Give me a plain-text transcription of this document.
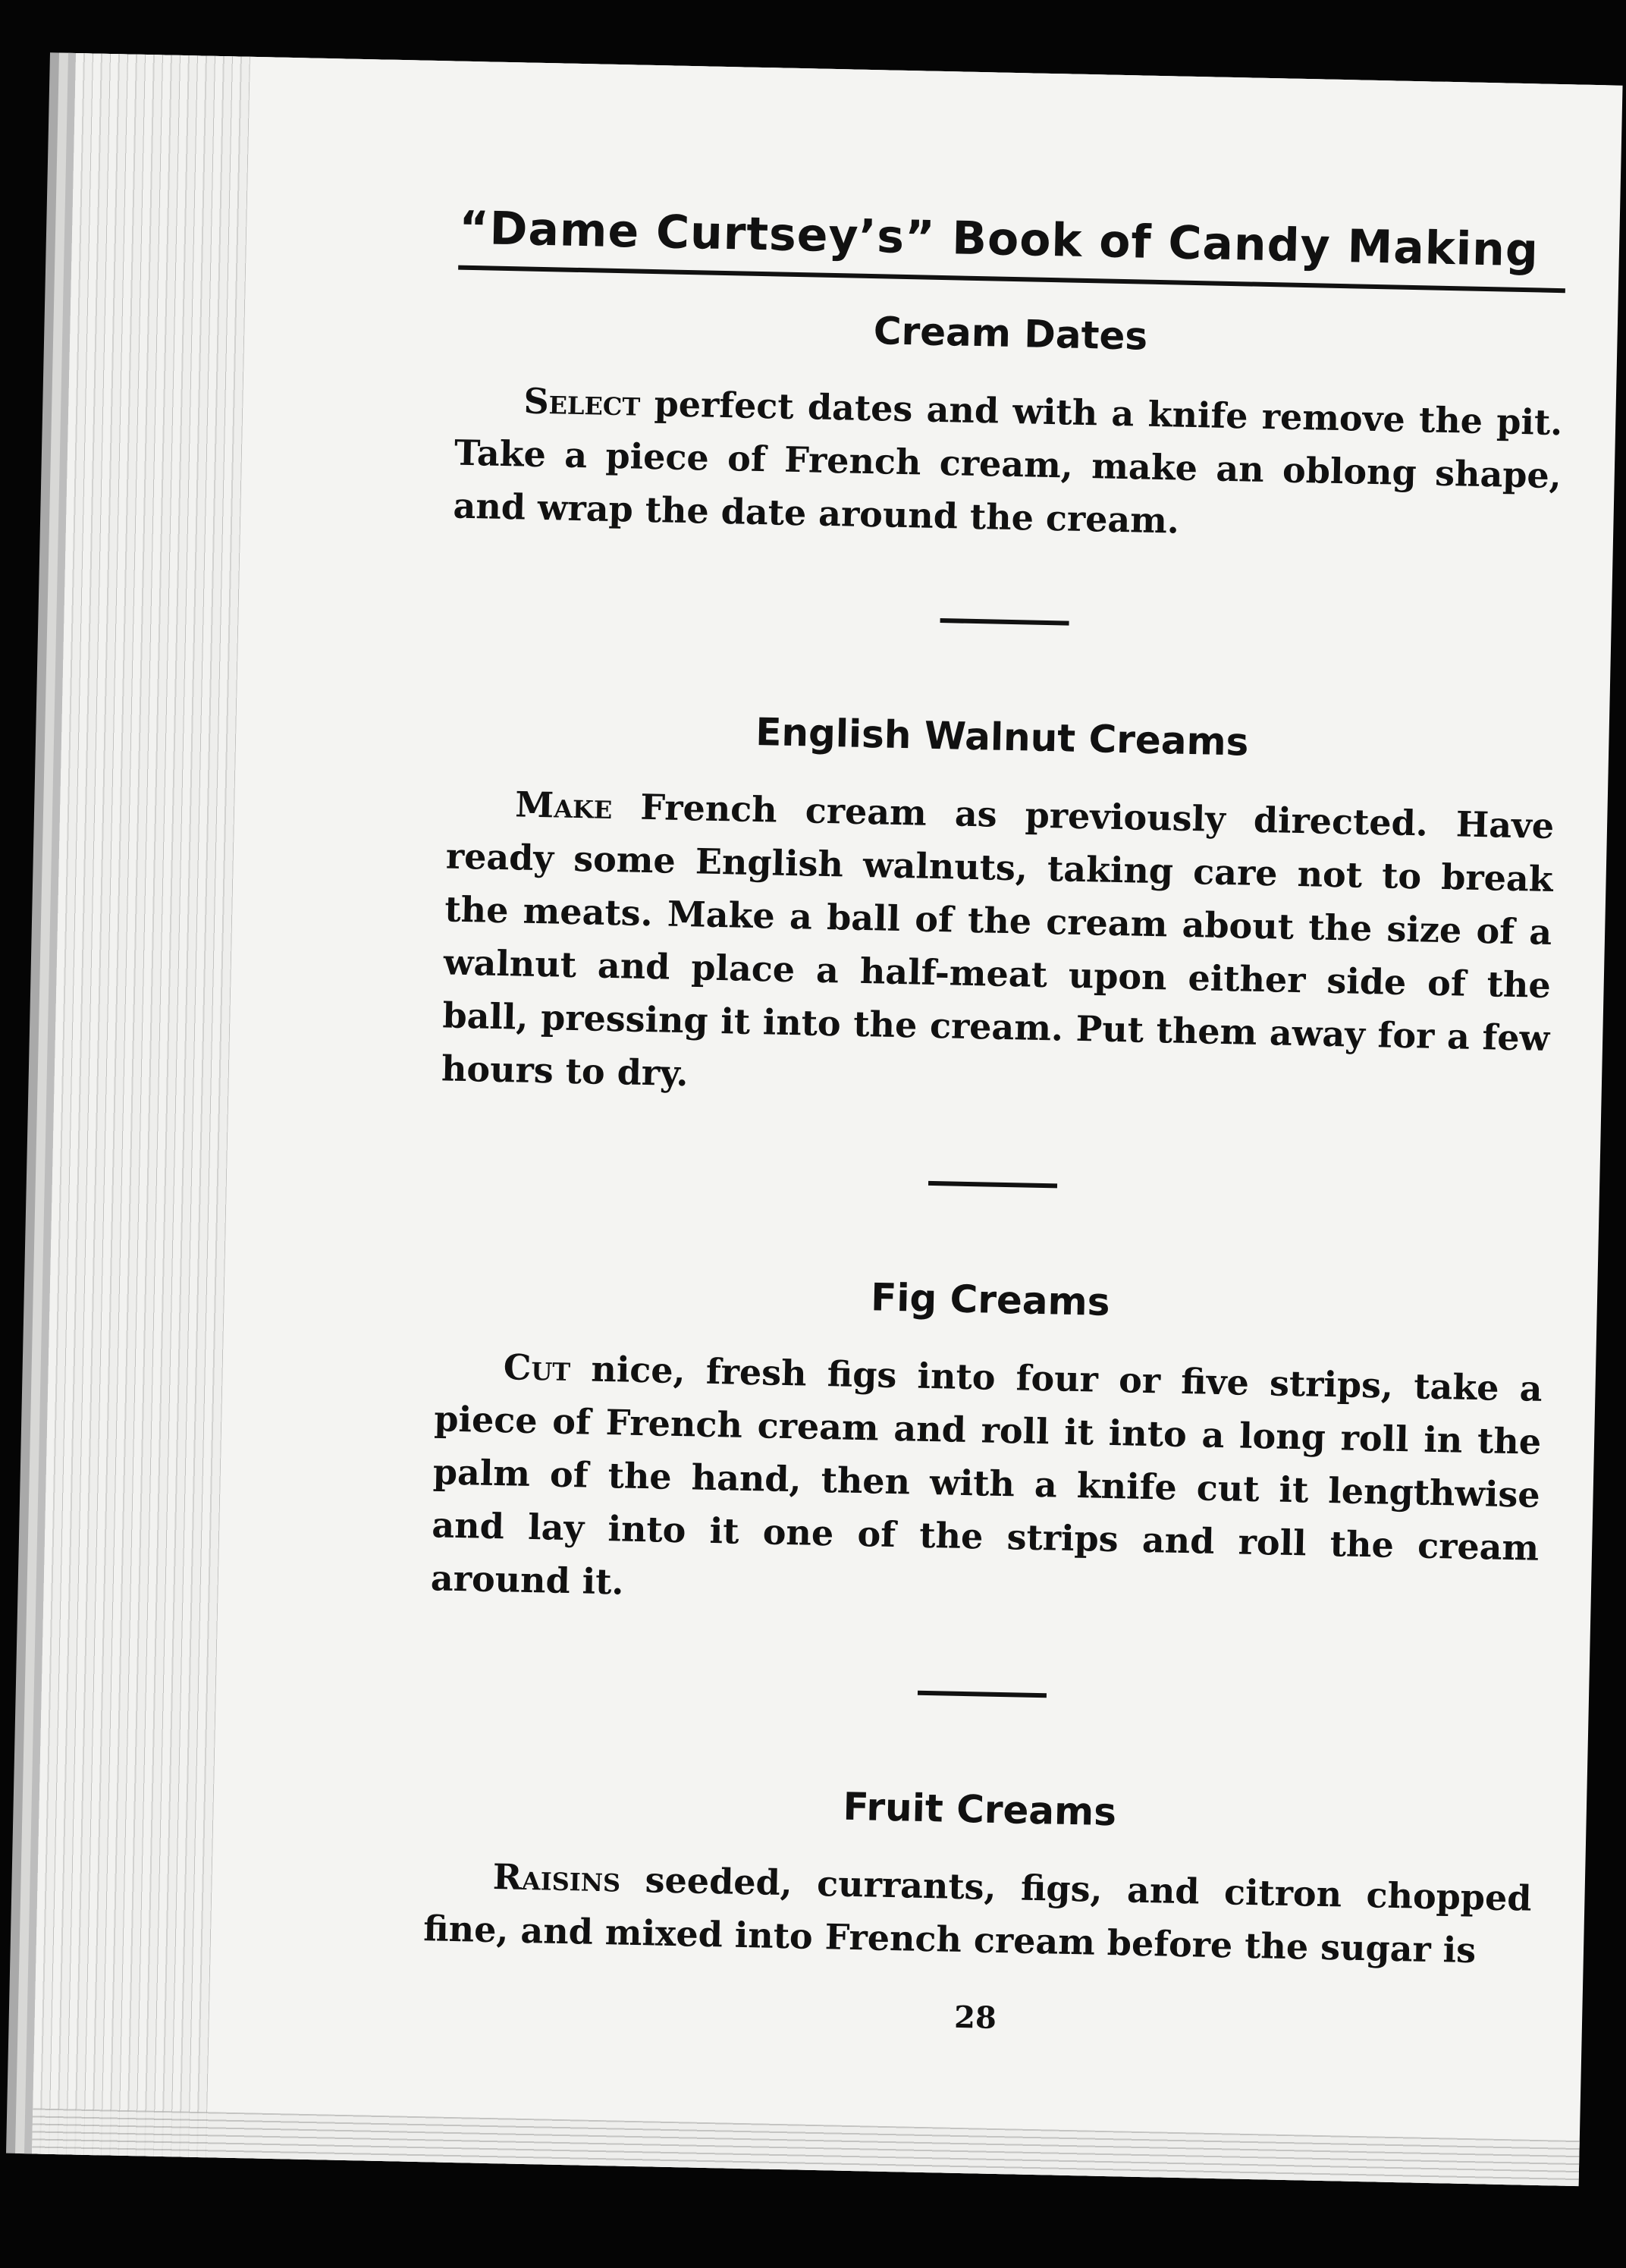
“Dame Curtsey’s” Book of Candy Making
Cream Dates

Select perfect dates and with a knife remove the pit. Take a piece of French cream, make an oblong shape, and wrap the date around the cream.

English Walnut Creams

Make French cream as previously directed. Have ready some English walnuts, taking care not to break the meats. Make a ball of the cream about the size of a walnut and place a half-meat upon either side of the ball, pressing it into the cream. Put them away for a few hours to dry.

Fig Creams

Cut nice, fresh figs into four or five strips, take a piece of French cream and roll it into a long roll in the palm of the hand, then with a knife cut it lengthwise and lay into it one of the strips and roll the cream around it.

Fruit Creams

Raisins seeded, currants, figs, and citron chopped fine, and mixed into French cream before the sugar is

28
